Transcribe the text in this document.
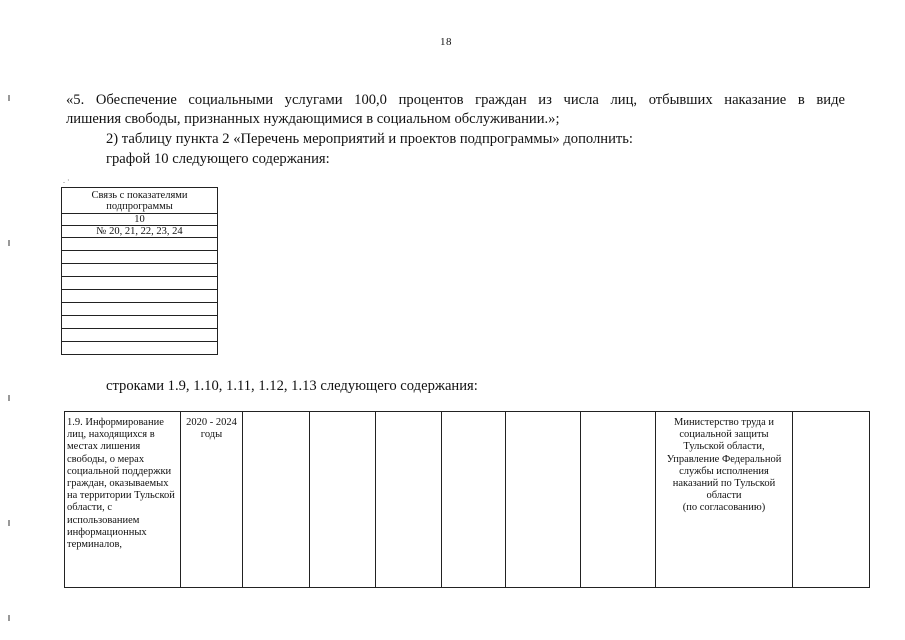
18
«5. Обеспечение социальными услугами 100,0 процентов граждан из числа лиц, отбывших наказание в виде
лишения свободы, признанных нуждающимися в социальном обслуживании.»;
2) таблицу пункта 2 «Перечень мероприятий и проектов подпрограммы» дополнить:
графой 10 следующего содержания:
. ·
Связь с показателями подпрограммы
10
№ 20, 21, 22, 23, 24

строками 1.9, 1.10, 1.11, 1.12, 1.13 следующего содержания:
1.9. Информирование лиц, находящихся в местах лишения свободы, о мерах социальной поддержки граждан, оказываемых на территории Тульской области, с использованием информационных терминалов,	2020 - 2024 годы							Министерство труда и социальной защиты Тульской области, Управление Федеральной службы исполнения наказаний по Тульской области
(по согласованию)	
